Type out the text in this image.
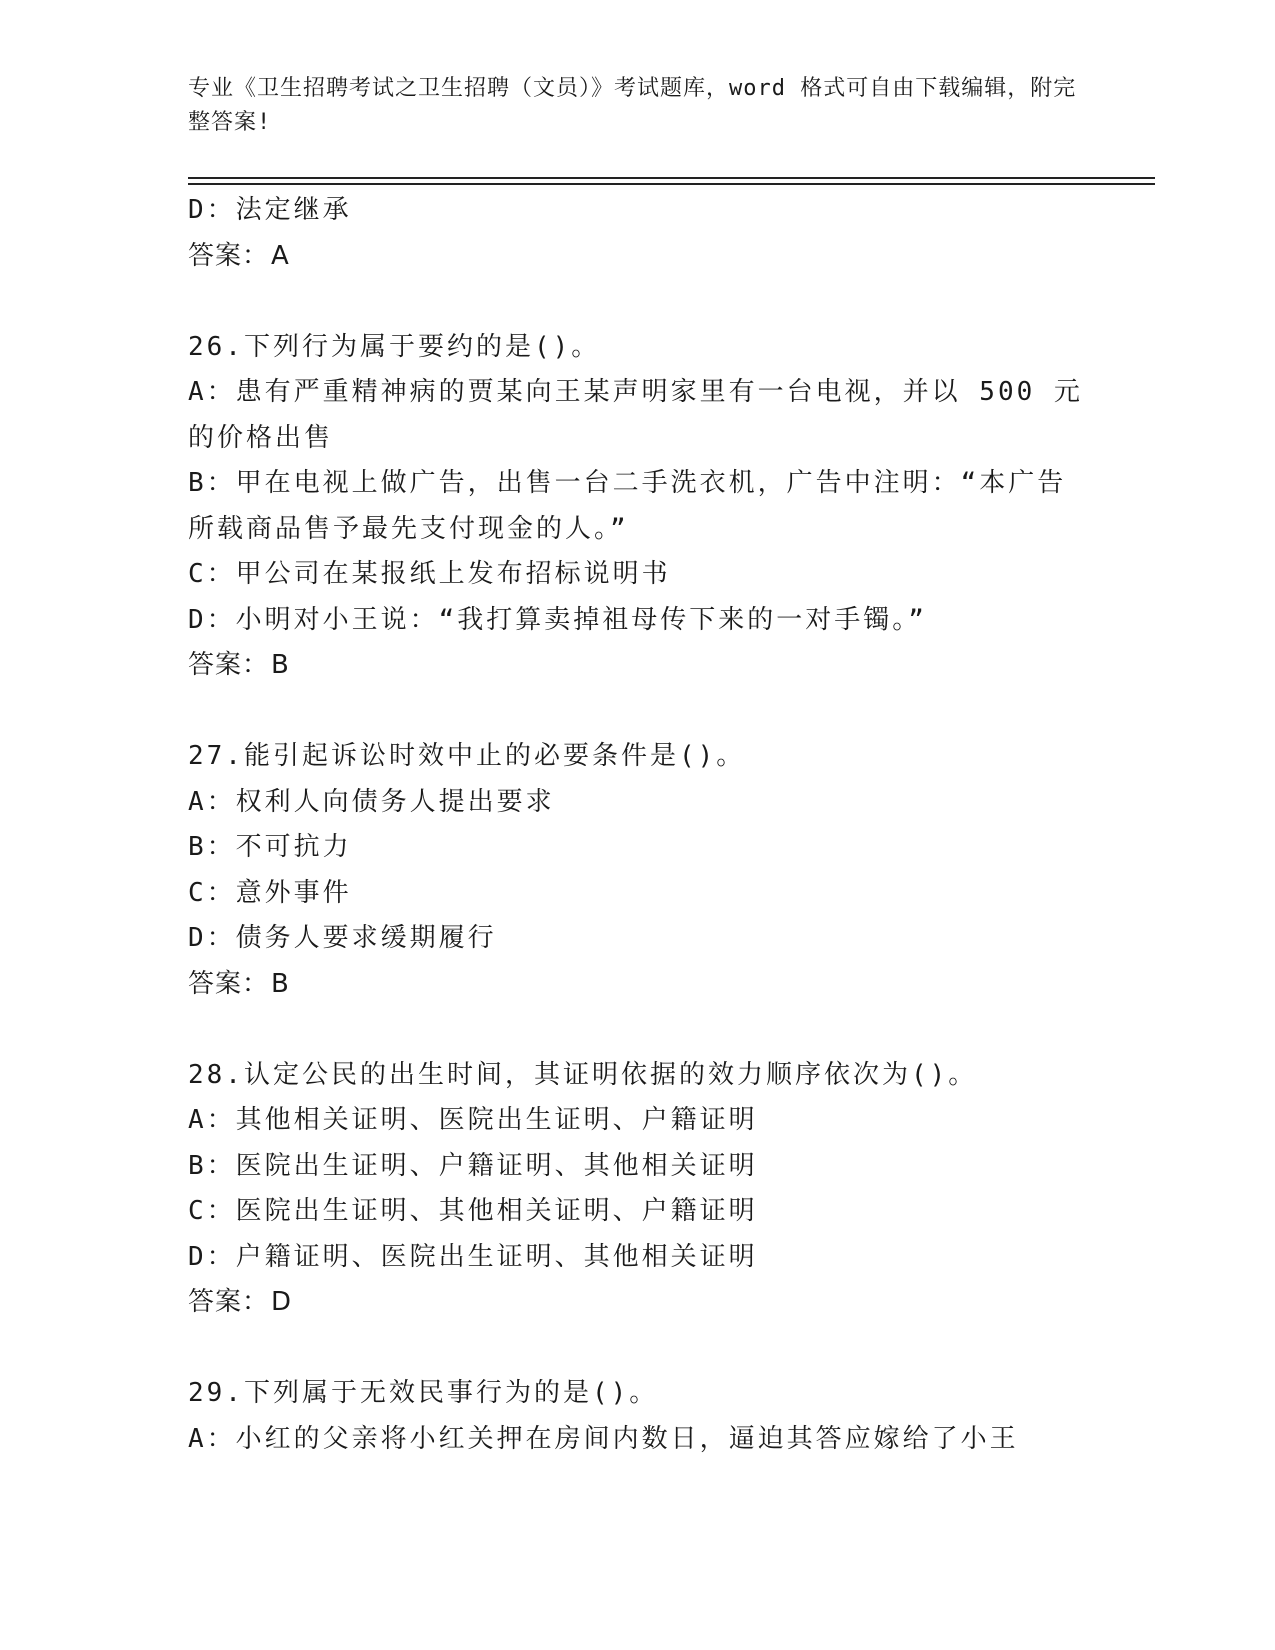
专业《卫生招聘考试之卫生招聘（文员）》考试题库，word 格式可自由下载编辑，附完整答案!
D：法定继承
答案：A
26.下列行为属于要约的是()。
A：患有严重精神病的贾某向王某声明家里有一台电视，并以 500 元的价格出售
B：甲在电视上做广告，出售一台二手洗衣机，广告中注明：“本广告所载商品售予最先支付现金的人。”
C：甲公司在某报纸上发布招标说明书
D：小明对小王说：“我打算卖掉祖母传下来的一对手镯。”
答案：B
27.能引起诉讼时效中止的必要条件是()。
A：权利人向债务人提出要求
B：不可抗力
C：意外事件
D：债务人要求缓期履行
答案：B
28.认定公民的出生时间，其证明依据的效力顺序依次为()。
A：其他相关证明、医院出生证明、户籍证明
B：医院出生证明、户籍证明、其他相关证明
C：医院出生证明、其他相关证明、户籍证明
D：户籍证明、医院出生证明、其他相关证明
答案：D
29.下列属于无效民事行为的是()。
A：小红的父亲将小红关押在房间内数日，逼迫其答应嫁给了小王
